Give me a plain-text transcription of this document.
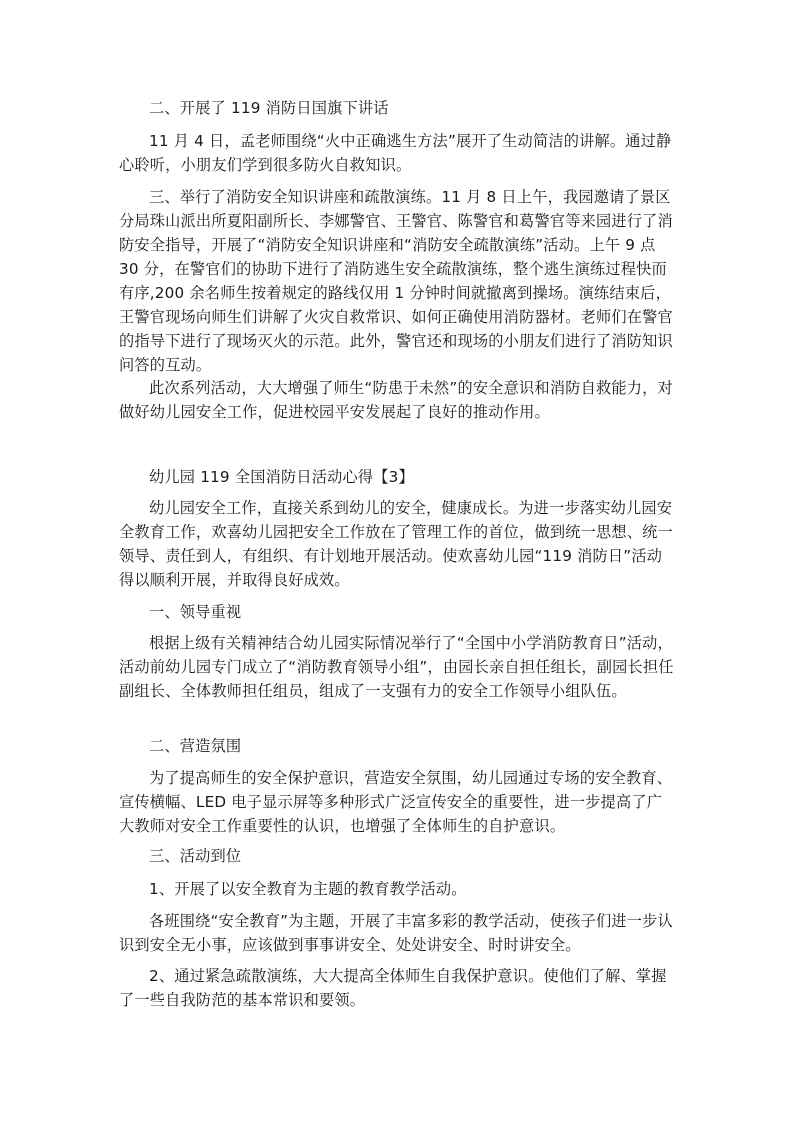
二、开展了 119 消防日国旗下讲话

11 月 4 日，孟老师围绕“火中正确逃生方法”展开了生动简洁的讲解。通过静心聆听，小朋友们学到很多防火自救知识。

三、举行了消防安全知识讲座和疏散演练。11 月 8 日上午，我园邀请了景区分局珠山派出所夏阳副所长、李娜警官、王警官、陈警官和葛警官等来园进行了消防安全指导，开展了“消防安全知识讲座和“消防安全疏散演练”活动。上午 9 点 30 分，在警官们的协助下进行了消防逃生安全疏散演练，整个逃生演练过程快而有序,200 余名师生按着规定的路线仅用 1 分钟时间就撤离到操场。演练结束后，王警官现场向师生们讲解了火灾自救常识、如何正确使用消防器材。老师们在警官的指导下进行了现场灭火的示范。此外，警官还和现场的小朋友们进行了消防知识问答的互动。

此次系列活动，大大增强了师生“防患于未然”的安全意识和消防自救能力，对做好幼儿园安全工作，促进校园平安发展起了良好的推动作用。

幼儿园 119 全国消防日活动心得【3】

幼儿园安全工作，直接关系到幼儿的安全，健康成长。为进一步落实幼儿园安全教育工作，欢喜幼儿园把安全工作放在了管理工作的首位，做到统一思想、统一领导、责任到人，有组织、有计划地开展活动。使欢喜幼儿园“119 消防日”活动得以顺利开展，并取得良好成效。

一、领导重视

根据上级有关精神结合幼儿园实际情况举行了“全国中小学消防教育日”活动，活动前幼儿园专门成立了“消防教育领导小组”，由园长亲自担任组长，副园长担任副组长、全体教师担任组员，组成了一支强有力的安全工作领导小组队伍。

二、营造氛围

为了提高师生的安全保护意识，营造安全氛围，幼儿园通过专场的安全教育、宣传横幅、LED 电子显示屏等多种形式广泛宣传安全的重要性，进一步提高了广大教师对安全工作重要性的认识，也增强了全体师生的自护意识。

三、活动到位

1、开展了以安全教育为主题的教育教学活动。

各班围绕“安全教育”为主题，开展了丰富多彩的教学活动，使孩子们进一步认识到安全无小事，应该做到事事讲安全、处处讲安全、时时讲安全。

2、通过紧急疏散演练，大大提高全体师生自我保护意识。使他们了解、掌握了一些自我防范的基本常识和要领。
